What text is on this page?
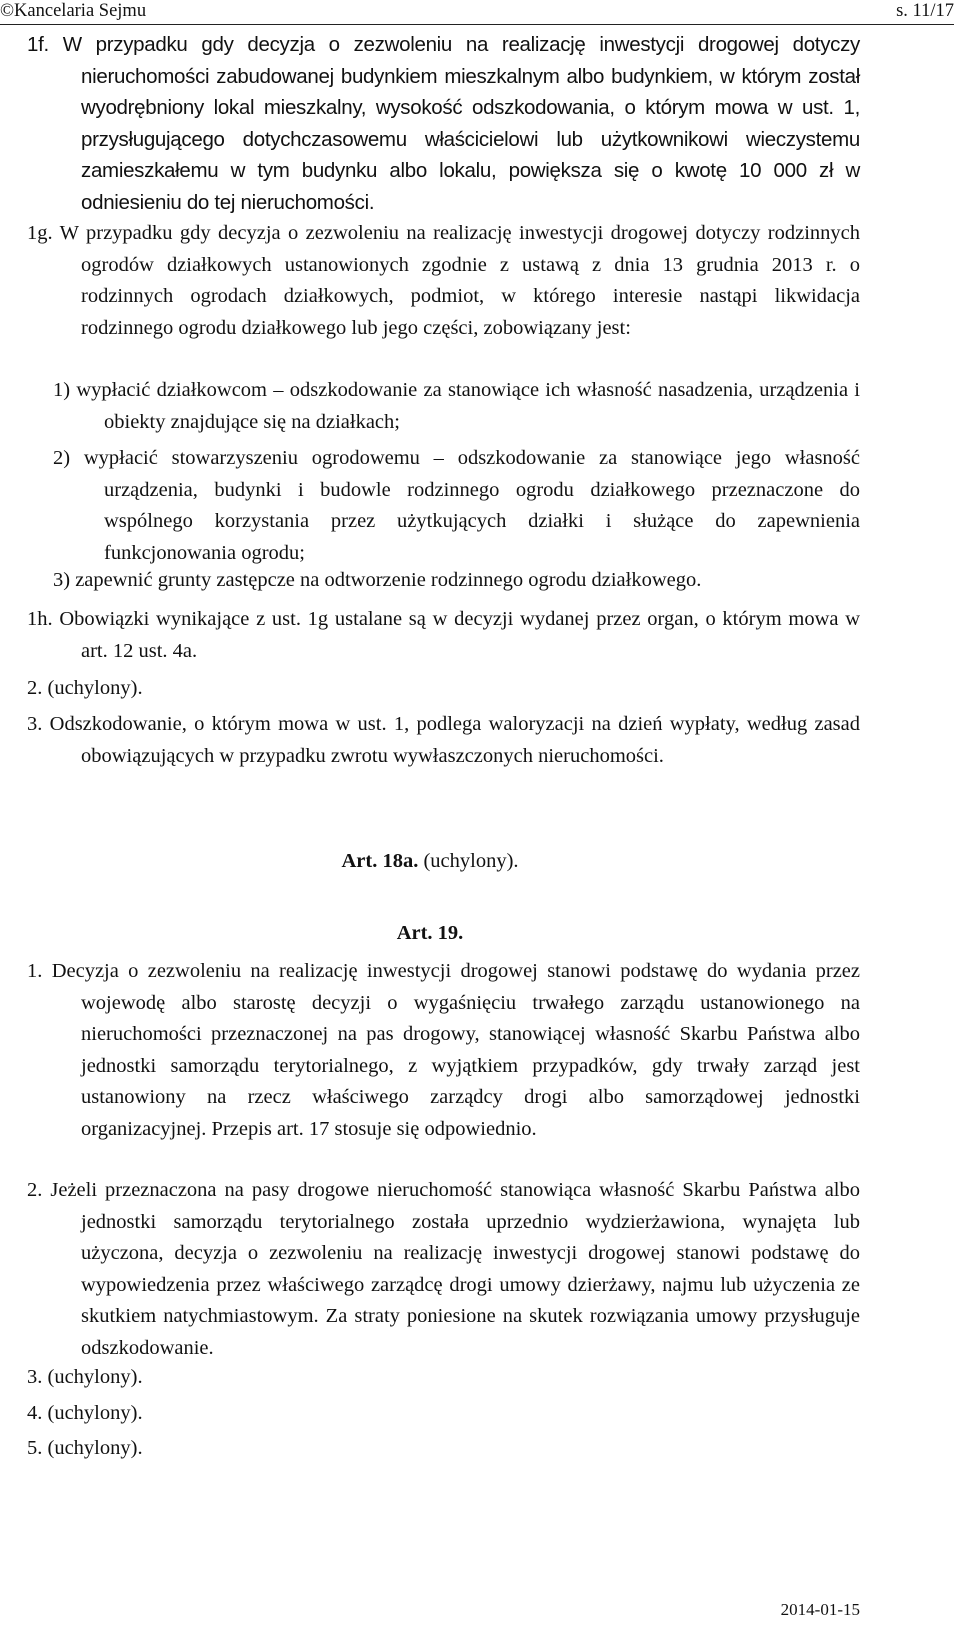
©Kancelaria Sejmu	s. 11/17
1f. W przypadku gdy decyzja o zezwoleniu na realizację inwestycji drogowej dotyczy nieruchomości zabudowanej budynkiem mieszkalnym albo budynkiem, w którym został wyodrębniony lokal mieszkalny, wysokość odszkodowania, o którym mowa w ust. 1, przysługującego dotychczasowemu właścicielowi lub użytkownikowi wieczystemu zamieszkałemu w tym budynku albo lokalu, powiększa się o kwotę 10 000 zł w odniesieniu do tej nieruchomości.
1g. W przypadku gdy decyzja o zezwoleniu na realizację inwestycji drogowej dotyczy rodzinnych ogrodów działkowych ustanowionych zgodnie z ustawą z dnia 13 grudnia 2013 r. o rodzinnych ogrodach działkowych, podmiot, w którego interesie nastąpi likwidacja rodzinnego ogrodu działkowego lub jego części, zobowiązany jest:
1) wypłacić działkowcom – odszkodowanie za stanowiące ich własność nasadzenia, urządzenia i obiekty znajdujące się na działkach;
2) wypłacić stowarzyszeniu ogrodowemu – odszkodowanie za stanowiące jego własność urządzenia, budynki i budowle rodzinnego ogrodu działkowego przeznaczone do wspólnego korzystania przez użytkujących działki i służące do zapewnienia funkcjonowania ogrodu;
3) zapewnić grunty zastępcze na odtworzenie rodzinnego ogrodu działkowego.
1h. Obowiązki wynikające z ust. 1g ustalane są w decyzji wydanej przez organ, o którym mowa w art. 12 ust. 4a.
2. (uchylony).
3. Odszkodowanie, o którym mowa w ust. 1, podlega waloryzacji na dzień wypłaty, według zasad obowiązujących w przypadku zwrotu wywłaszczonych nieruchomości.
Art. 18a. (uchylony).
Art. 19.
1. Decyzja o zezwoleniu na realizację inwestycji drogowej stanowi podstawę do wydania przez wojewodę albo starostę decyzji o wygaśnięciu trwałego zarządu ustanowionego na nieruchomości przeznaczonej na pas drogowy, stanowiącej własność Skarbu Państwa albo jednostki samorządu terytorialnego, z wyjątkiem przypadków, gdy trwały zarząd jest ustanowiony na rzecz właściwego zarządcy drogi albo samorządowej jednostki organizacyjnej. Przepis art. 17 stosuje się odpowiednio.
2. Jeżeli przeznaczona na pasy drogowe nieruchomość stanowiąca własność Skarbu Państwa albo jednostki samorządu terytorialnego została uprzednio wydzierżawiona, wynajęta lub użyczona, decyzja o zezwoleniu na realizację inwestycji drogowej stanowi podstawę do wypowiedzenia przez właściwego zarządcę drogi umowy dzierżawy, najmu lub użyczenia ze skutkiem natychmiastowym. Za straty poniesione na skutek rozwiązania umowy przysługuje odszkodowanie.
3. (uchylony).
4. (uchylony).
5. (uchylony).
2014-01-15
